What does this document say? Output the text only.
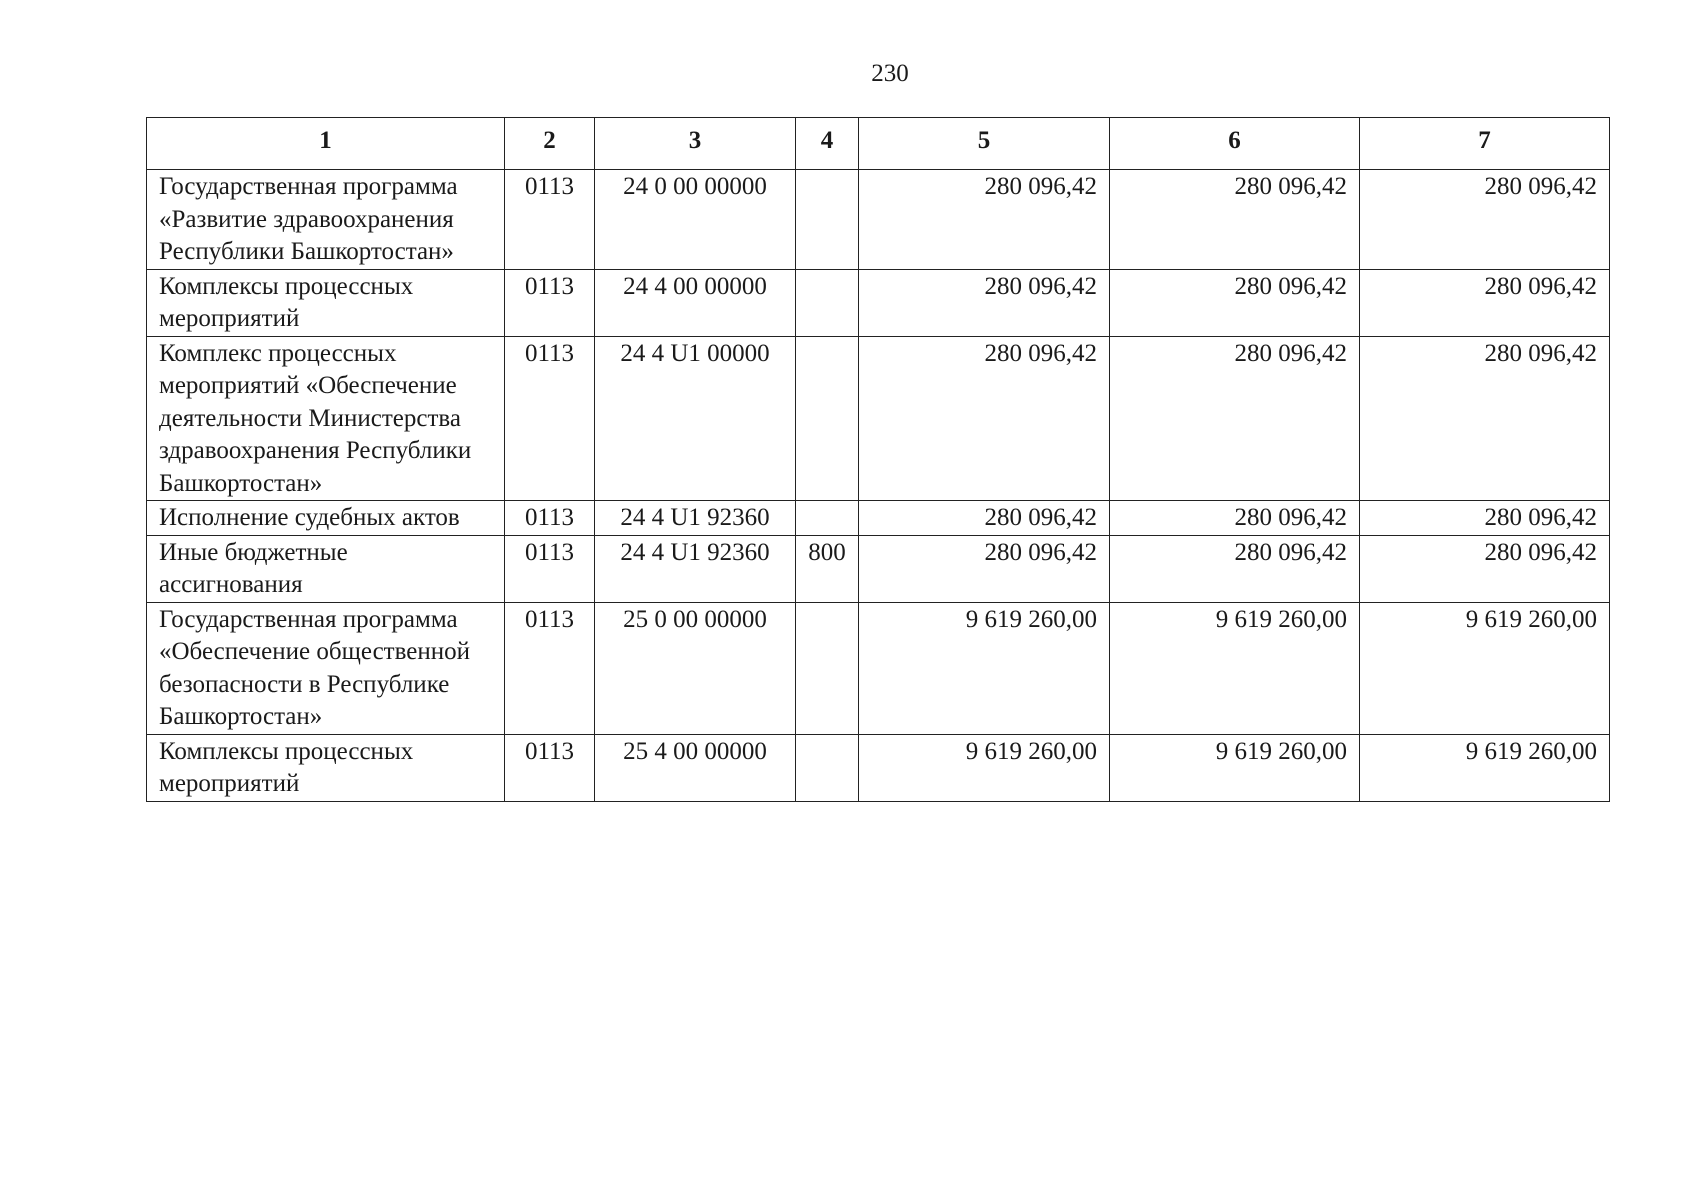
230
1	2	3	4	5	6	7
Государственная программа «Развитие здравоохранения Республики Башкортостан»	0113	24 0 00 00000		280 096,42	280 096,42	280 096,42
Комплексы процессных мероприятий	0113	24 4 00 00000		280 096,42	280 096,42	280 096,42
Комплекс процессных мероприятий «Обеспечение деятельности Министерства здравоохранения Республики Башкортостан»	0113	24 4 U1 00000		280 096,42	280 096,42	280 096,42
Исполнение судебных актов	0113	24 4 U1 92360		280 096,42	280 096,42	280 096,42
Иные бюджетные ассигнования	0113	24 4 U1 92360	800	280 096,42	280 096,42	280 096,42
Государственная программа «Обеспечение общественной безопасности в Республике Башкортостан»	0113	25 0 00 00000		9 619 260,00	9 619 260,00	9 619 260,00
Комплексы процессных мероприятий	0113	25 4 00 00000		9 619 260,00	9 619 260,00	9 619 260,00
